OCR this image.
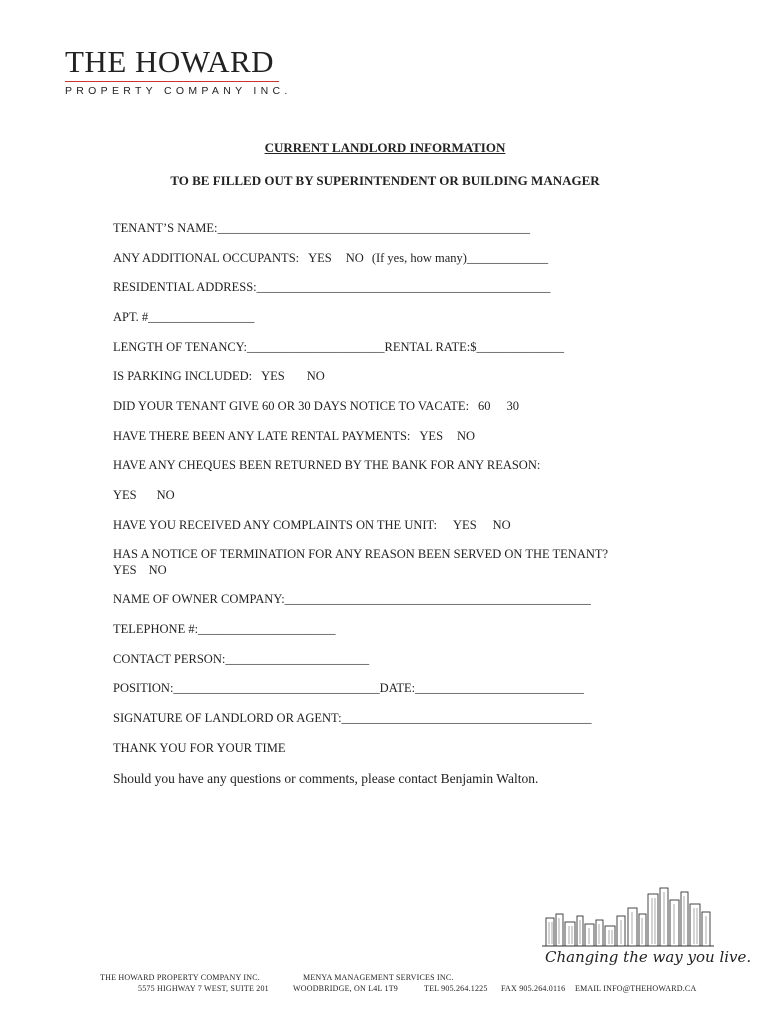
THE HOWARD
PROPERTY COMPANY INC.
CURRENT LANDLORD INFORMATION
TO BE FILLED OUT BY SUPERINTENDENT OR BUILDING MANAGER
TENANT’S NAME:__________________________________________________
ANY ADDITIONAL OCCUPANTS: YES NO (If yes, how many)_____________
RESIDENTIAL ADDRESS:_______________________________________________
APT. #_________________
LENGTH OF TENANCY:______________________RENTAL RATE:$______________
IS PARKING INCLUDED: YES NO
DID YOUR TENANT GIVE 60 OR 30 DAYS NOTICE TO VACATE: 60 30
HAVE THERE BEEN ANY LATE RENTAL PAYMENTS: YES NO
HAVE ANY CHEQUES BEEN RETURNED BY THE BANK FOR ANY REASON:
YES NO
HAVE YOU RECEIVED ANY COMPLAINTS ON THE UNIT: YES NO
HAS A NOTICE OF TERMINATION FOR ANY REASON BEEN SERVED ON THE TENANT?
YES NO
NAME OF OWNER COMPANY:_________________________________________________
TELEPHONE #:______________________
CONTACT PERSON:_______________________
POSITION:_________________________________DATE:___________________________
SIGNATURE OF LANDLORD OR AGENT:________________________________________
THANK YOU FOR YOUR TIME
Should you have any questions or comments, please contact Benjamin Walton.
Changing the way you live.
THE HOWARD PROPERTY COMPANY INC.	MENYA MANAGEMENT SERVICES INC.
5575 HIGHWAY 7 WEST, SUITE 201	WOODBRIDGE, ON L4L 1T9	TEL 905.264.1225 FAX 905.264.0116 EMAIL INFO@THEHOWARD.CA
